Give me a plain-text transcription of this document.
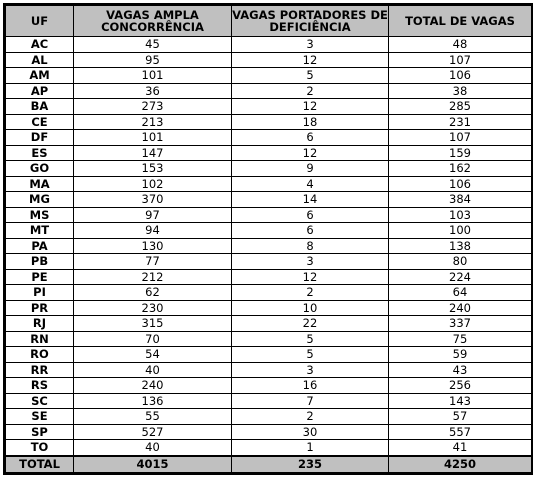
UF	VAGAS AMPLA CONCORRÊNCIA	VAGAS PORTADORES DE DEFICIÊNCIA	TOTAL DE VAGAS
AC	45	3	48
AL	95	12	107
AM	101	5	106
AP	36	2	38
BA	273	12	285
CE	213	18	231
DF	101	6	107
ES	147	12	159
GO	153	9	162
MA	102	4	106
MG	370	14	384
MS	97	6	103
MT	94	6	100
PA	130	8	138
PB	77	3	80
PE	212	12	224
PI	62	2	64
PR	230	10	240
RJ	315	22	337
RN	70	5	75
RO	54	5	59
RR	40	3	43
RS	240	16	256
SC	136	7	143
SE	55	2	57
SP	527	30	557
TO	40	1	41
TOTAL	4015	235	4250
